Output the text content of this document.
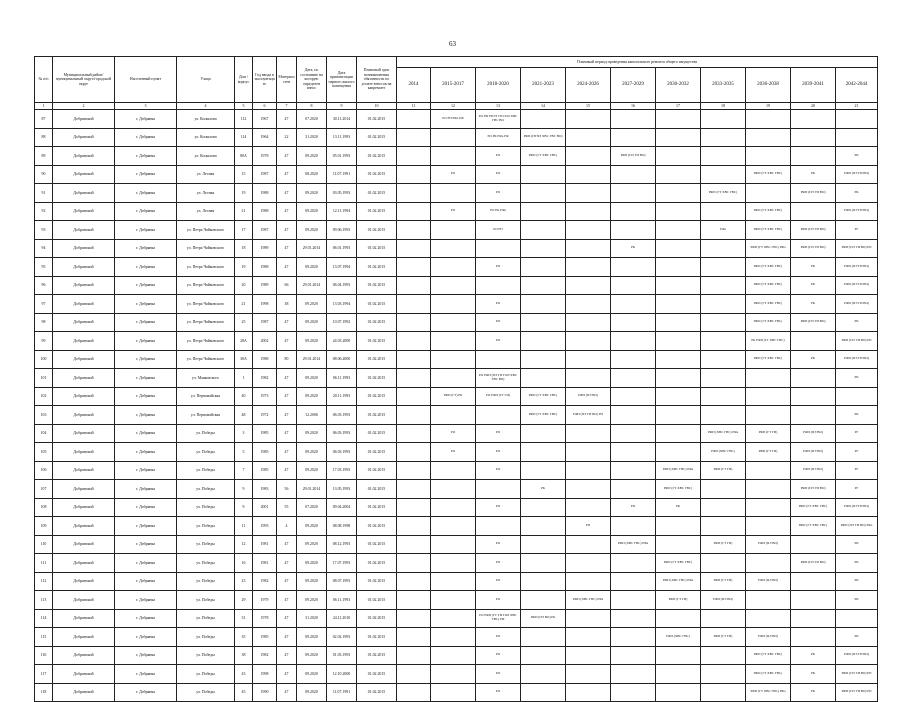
63
№ п/п	Муниципальный район/муниципальный округ/городской округ	Населенный пункт	Улица	Дом / корпус	Год ввода в эксплуатацию	Материал стен	Дата, по состоянию на которую определен износ	Дата приватизации первого жилого помещения	Плановый срок возникновения обязанности по уплате взносов на капремонт	Плановый период проведения капитального ремонта общего имущества										
										2014	2015-2017	2018-2020	2021-2023	2024-2026	2027-2029	2030-2032	2033-2035	2036-2038	2039-2041	2042-2044
1	2	3	4	5	6	7	8	9	10	11	12	13	14	15	16	17	18	19	20	21
87	Добрянский	г. Добрянка	ул. Копылова	112	1967	47	07.2020	30.11.2014	01.02.2015		РО РП РФа РФ	РО РФ РПЭТ ГИ ГОЛ ХВС ГВС ВО								
88	Добрянский	г. Добрянка	ул. Копылова	114	1964	22	31.2020	13.11.1993	01.02.2015			РО РК РФа РФ	РФП (ПТПЭ ХВС ГВС ВО)							
89	Добрянский	г. Добрянка	ул. Копылова	80А	1978	47	09.2020	05.01.1993	01.02.2015			РО	РФП (ГТ ХВС ГВС)		РФП (ПЭ ГИ ВО)					РК
90	Добрянский	г. Добрянка	ул. Лесная	15	1987	47	08.2020	11.07.1991	01.02.2015		РО	РО						РФП (ГТ ХВС ГВС)	РК	РФП (ПЭ ГИ ВО)
91	Добрянский	г. Добрянка	ул. Лесная	19	1988	47	09.2020	03.05.1993	01.02.2015			РО					РФП (ГТ ХВС ГВС)		РФП (ПЭ ГИ ВО)	РК
92	Добрянский	г. Добрянка	ул. Лесная	21	1988	47	09.2020	12.11.1994	01.02.2015		РО	РО РК РФа						РФП (ГТ ХВС ГВС)		РФП (ПЭ ГИ ВО)
93	Добрянский	г. Добрянка	ул. Петра Чайковского	17	1987	47	09.2020	09.06.1993	01.02.2015			РО РП					РФа	РФП (ГТ ХВС ГВС)	РФП (ПЭ ГИ ВО)	РГ
94	Добрянский	г. Добрянка	ул. Петра Чайковского	18	1989	47	29.01.2014	06.01.1993	01.02.2015						РК			РФП (ГТ ХВС ГВС) РФа	РФП (ПЭ ГИ ВО)	РФП (ПЭ ГИ ВО) РП
95	Добрянский	г. Добрянка	ул. Петра Чайковского	19	1988	47	09.2020	13.07.1994	01.02.2015			РО						РФП (ГТ ХВС ГВС)	РК	РФП (ПЭ ГИ ВО)
96	Добрянский	г. Добрянка	ул. Петра Чайковского	20	1989	66	29.01.2014	06.04.1993	01.02.2015									РФП (ГТ ХВС ГВС)	РК	РФП (ПЭ ГИ ВО)
97	Добрянский	г. Добрянка	ул. Петра Чайковского	21	1998	38	09.2020	13.03.1994	01.02.2015			РО						РФП (ГТ ХВС ГВС)	РК	РФП (ПЭ ГИ ВО)
98	Добрянский	г. Добрянка	ул. Петра Чайковского	25	1987	47	09.2020	10.07.1992	01.02.2015			РО						РФП (ГТ ХВС ГВС)	РФП (ПЭ ГИ ВО)	РК
99	Добрянский	г. Добрянка	ул. Петра Чайковского	28А	2002	47	09.2020	24.03.2000	01.02.2015			РО						РК РФП (ГТ ХВС ГВС)		РФП (ПЭ ГИ ВО) РП
100	Добрянский	г. Добрянка	ул. Петра Чайковского	30А	1988	80	29.01.2014	08.06.2000	01.02.2015									РФП (ГТ ХВС ГВС)	РК	РФП (ПЭ ГИ ВО)
101	Добрянский	г. Добрянка	ул. Маяковского	1	1982	47	09.2020	06.11.1993	01.02.2015			РО РФП (ПЭ ГИ ГОЛ ХВС ГВС ВО)								РК
102	Добрянский	г. Добрянка	ул. Первомайская	40	1973	47	09.2020	20.11.1993	01.02.2015		РФП (ГТ) РК	РО РФП (ГТ ГИ)	РФП (ГТ ХВС ГВС)	РФП (ПЭ ВО)						
103	Добрянский	г. Добрянка	ул. Первомайская	48	1972	47	12.2006	06.03.1993	01.02.2015				РФП (ГТ ХВС ГВС)	РФП (ПЭ ГИ ВО) РП						РК
104	Добрянский	г. Добрянка	ул. Победы	3	1985	47	09.2020	06.03.1993	01.02.2015		РО	РО					РФП (ХВС ГВС) РФа	РФП (ГТ ГИ)	РФП (ПЭ ВО)	РГ
105	Добрянский	г. Добрянка	ул. Победы	5	1985	47	09.2020	06.03.1993	01.02.2015		РО	РО					РФП (ХВС ГВС)	РФП (ГТ ГИ)	РФП (ПЭ ВО)	РГ
106	Добрянский	г. Добрянка	ул. Победы	7	1985	47	09.2020	17.03.1993	01.02.2015			РО				РФП (ХВС ГВС) РФа	РФП (ГТ ГИ)		РФП (ПЭ ВО)	РГ
107	Добрянский	г. Добрянка	ул. Победы	9	1983	56	29.01.2014	13.05.1993	01.02.2015				РК			РФП (ГТ ХВС ГВС)			РФП (ПЭ ГИ ВО)	РГ
108	Добрянский	г. Добрянка	ул. Победы	9	2001	55	07.2020	09.04.2004	01.02.2015			РО			РП	РК			РФП (ГТ ХВС ГВС)	РФП (ПЭ ГИ ВО)
109	Добрянский	г. Добрянка	ул. Победы	11	1993	4	09.2020	08.08.1998	01.02.2015					РП					РФП (ГТ ХВС ГВС)	РФП (ПЭ ГИ ВО) РФа
110	Добрянский	г. Добрянка	ул. Победы	12	1981	47	09.2020	08.12.1993	01.02.2015			РО			РФП (ХВС ГВС) РФа		РФП (ГТ ГИ)	РФП (ПЭ ВО)		РК
111	Добрянский	г. Добрянка	ул. Победы	16	1981	47	09.2020	17.07.1993	01.02.2015			РО				РФП (ГТ ХВС ГВС)			РФП (ПЭ ГИ ВО)	РК
112	Добрянский	г. Добрянка	ул. Победы	23	1982	47	09.2020	08.07.1993	01.02.2015			РО				РФП (ХВС ГВС) РФа	РФП (ГТ ГИ)	РФП (ПЭ ВО)		РК
113	Добрянский	г. Добрянка	ул. Победы	29	1979	47	09.2020	06.11.1993	01.02.2015			РО		РФП (ХВС ГВС) РФа		РФП (ГТ ГИ)	РФП (ПЭ ВО)			РК
114	Добрянский	г. Добрянка	ул. Победы	31	1978	47	31.2020	24.11.2010	01.02.2015			РО РФП (ГТ ГИ ГОЛ ХВС ГВС) РФ	РФП (ПЭ ВО) РК							
115	Добрянский	г. Добрянка	ул. Победы	35	1985	47	09.2020	02.02.1993	01.02.2015			РО				РФП (ХВС ГВС)	РФП (ГТ ГИ)	РФП (ПЭ ВО)		РК
116	Добрянский	г. Добрянка	ул. Победы	38	1982	47	09.2020	01.03.1993	01.02.2015			РО						РФП (ГТ ХВС ГВС)	РК	РФП (ПЭ ГИ ВО)
117	Добрянский	г. Добрянка	ул. Победы	43	1998	47	09.2020	12.10.2000	01.02.2015			РО						РФП (ГТ ХВС ГВС)	РК	РФП (ПЭ ГИ ВО) РП
118	Добрянский	г. Добрянка	ул. Победы	45	1990	47	09.2020	11.07.1991	01.02.2015			РО						РФП (ГТ ХВС ГВС) РФа	РК	РФП (ПЭ ГИ ВО) РП
